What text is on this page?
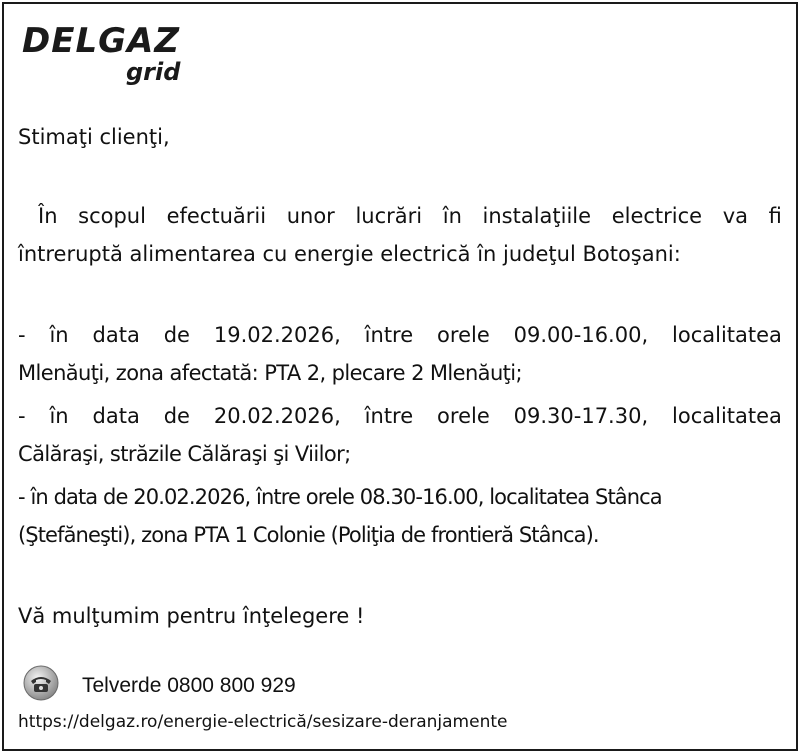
DELGAZ
grid
Stimaţi clienţi,
În scopul efectuării unor lucrări în instalaţiile electrice va fi
întreruptă alimentarea cu energie electrică în judeţul Botoşani:
- în data de 19.02.2026, între orele 09.00-16.00, localitatea
Mlenăuţi, zona afectată: PTA 2, plecare 2 Mlenăuţi;
- în data de 20.02.2026, între orele 09.30-17.30, localitatea
Călăraşi, străzile Călăraşi şi Viilor;
- în data de 20.02.2026, între orele 08.30-16.00, localitatea Stânca
(Ştefăneşti), zona PTA 1 Colonie (Poliţia de frontieră Stânca).
Vă mulţumim pentru înţelegere !
Telverde 0800 800 929
https://delgaz.ro/energie-electrică/sesizare-deranjamente
